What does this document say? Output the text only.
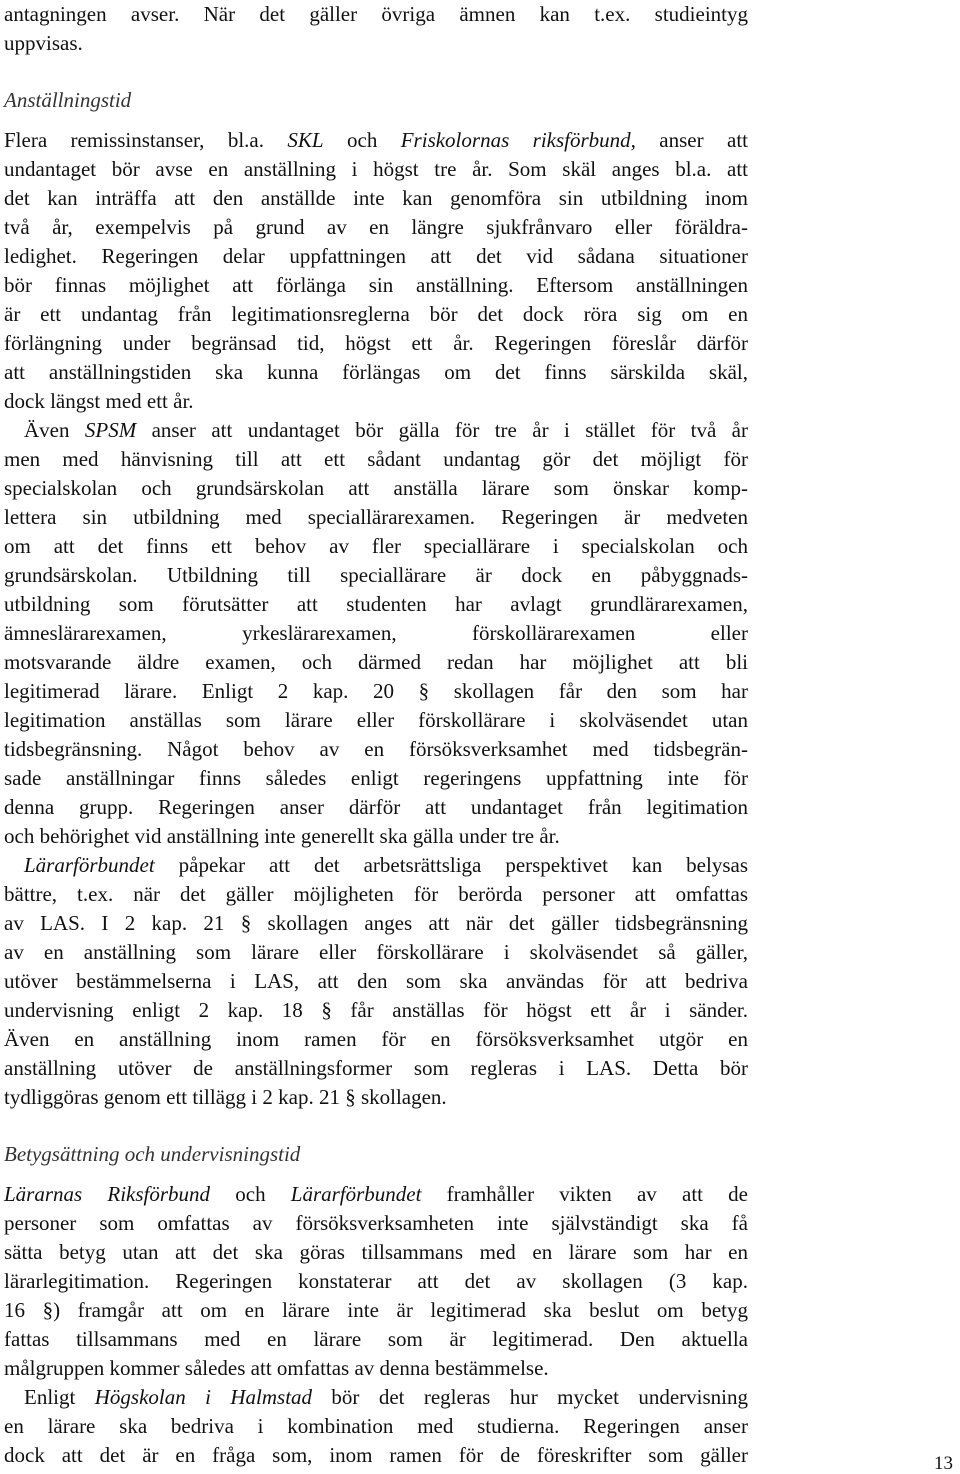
antagningen avser. När det gäller övriga ämnen kan t.ex. studieintyg
uppvisas.
Anställningstid
Flera remissinstanser, bl.a. SKL och Friskolornas riksförbund, anser att
undantaget bör avse en anställning i högst tre år. Som skäl anges bl.a. att
det kan inträffa att den anställde inte kan genomföra sin utbildning inom
två år, exempelvis på grund av en längre sjukfrånvaro eller föräldra-
ledighet. Regeringen delar uppfattningen att det vid sådana situationer
bör finnas möjlighet att förlänga sin anställning. Eftersom anställningen
är ett undantag från legitimationsreglerna bör det dock röra sig om en
förlängning under begränsad tid, högst ett år. Regeringen föreslår därför
att anställningstiden ska kunna förlängas om det finns särskilda skäl,
dock längst med ett år.
Även SPSM anser att undantaget bör gälla för tre år i stället för två år
men med hänvisning till att ett sådant undantag gör det möjligt för
specialskolan och grundsärskolan att anställa lärare som önskar komp-
lettera sin utbildning med speciallärarexamen. Regeringen är medveten
om att det finns ett behov av fler speciallärare i specialskolan och
grundsärskolan. Utbildning till speciallärare är dock en påbyggnads-
utbildning som förutsätter att studenten har avlagt grundlärarexamen,
ämneslärarexamen, yrkeslärarexamen, förskollärarexamen eller
motsvarande äldre examen, och därmed redan har möjlighet att bli
legitimerad lärare. Enligt 2 kap. 20 § skollagen får den som har
legitimation anställas som lärare eller förskollärare i skolväsendet utan
tidsbegränsning. Något behov av en försöksverksamhet med tidsbegrän-
sade anställningar finns således enligt regeringens uppfattning inte för
denna grupp. Regeringen anser därför att undantaget från legitimation
och behörighet vid anställning inte generellt ska gälla under tre år.
Lärarförbundet påpekar att det arbetsrättsliga perspektivet kan belysas
bättre, t.ex. när det gäller möjligheten för berörda personer att omfattas
av LAS. I 2 kap. 21 § skollagen anges att när det gäller tidsbegränsning
av en anställning som lärare eller förskollärare i skolväsendet så gäller,
utöver bestämmelserna i LAS, att den som ska användas för att bedriva
undervisning enligt 2 kap. 18 § får anställas för högst ett år i sänder.
Även en anställning inom ramen för en försöksverksamhet utgör en
anställning utöver de anställningsformer som regleras i LAS. Detta bör
tydliggöras genom ett tillägg i 2 kap. 21 § skollagen.
Betygsättning och undervisningstid
Lärarnas Riksförbund och Lärarförbundet framhåller vikten av att de
personer som omfattas av försöksverksamheten inte självständigt ska få
sätta betyg utan att det ska göras tillsammans med en lärare som har en
lärarlegitimation. Regeringen konstaterar att det av skollagen (3 kap.
16 §) framgår att om en lärare inte är legitimerad ska beslut om betyg
fattas tillsammans med en lärare som är legitimerad. Den aktuella
målgruppen kommer således att omfattas av denna bestämmelse.
Enligt Högskolan i Halmstad bör det regleras hur mycket undervisning
en lärare ska bedriva i kombination med studierna. Regeringen anser
dock att det är en fråga som, inom ramen för de föreskrifter som gäller	13
